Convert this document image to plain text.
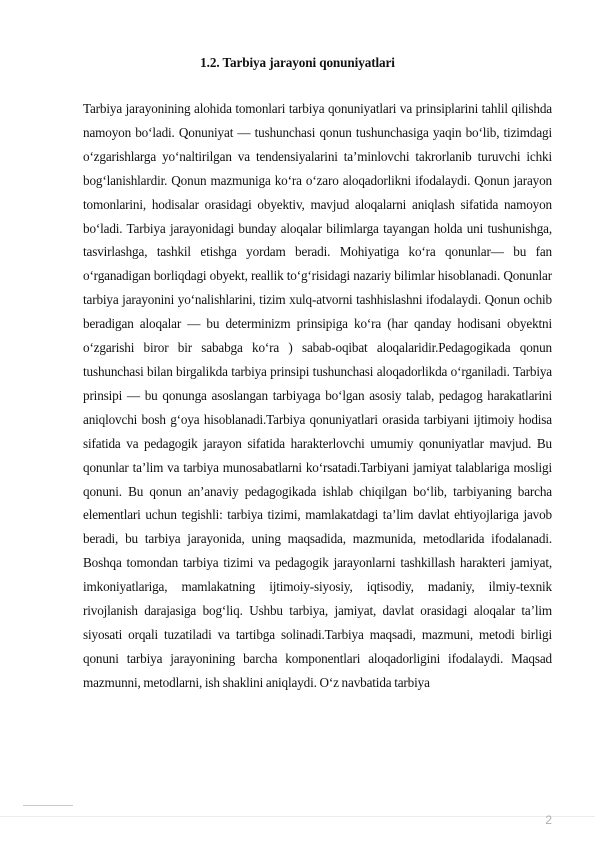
1.2. Tarbiya jarayoni qonuniyatlari

Tarbiya jarayonining alohida tomonlari tarbiya qonuniyatlari va prinsiplarini tahlil qilishda namoyon bo‘ladi. Qonuniyat — tushunchasi qonun tushunchasiga yaqin bo‘lib, tizimdagi o‘zgarishlarga yo‘naltirilgan va tendensiyalarini ta’minlovchi takrorlanib turuvchi ichki bog‘lanishlardir. Qonun mazmuniga ko‘ra o‘zaro aloqadorlikni ifodalaydi. Qonun jarayon tomonlarini, hodisalar orasidagi obyektiv, mavjud aloqalarni aniqlash sifatida namoyon bo‘ladi. Tarbiya jarayonidagi bunday aloqalar bilimlarga tayangan holda uni tushunishga, tasvirlashga, tashkil etishga yordam beradi. Mohiyatiga ko‘ra qonunlar— bu fan o‘rganadigan borliqdagi obyekt, reallik to‘g‘risidagi nazariy bilimlar hisoblanadi. Qonunlar tarbiya jarayonini yo‘nalishlarini, tizim xulq-atvorni tashhislashni ifodalaydi. Qonun ochib beradigan aloqalar — bu determinizm prinsipiga ko‘ra (har qanday hodisani obyektni o‘zgarishi biror bir sababga ko‘ra ) sabab-oqibat aloqalaridir.Pedagogikada qonun tushunchasi bilan birgalikda tarbiya prinsipi tushunchasi aloqadorlikda o‘rganiladi. Tarbiya prinsipi — bu qonunga asoslangan tarbiyaga bo‘lgan asosiy talab, pedagog harakatlarini aniqlovchi bosh g‘oya hisoblanadi.Tarbiya qonuniyatlari orasida tarbiyani ijtimoiy hodisa sifatida va pedagogik jarayon sifatida harakterlovchi umumiy qonuniyatlar mavjud. Bu qonunlar ta’lim va tarbiya munosabatlarni ko‘rsatadi.Tarbiyani jamiyat talablariga mosligi qonuni. Bu qonun an’anaviy pedagogikada ishlab chiqilgan bo‘lib, tarbiyaning barcha elementlari uchun tegishli: tarbiya tizimi, mamlakatdagi ta’lim davlat ehtiyojlariga javob beradi, bu tarbiya jarayonida, uning maqsadida, mazmunida, metodlarida ifodalanadi. Boshqa tomondan tarbiya tizimi va pedagogik jarayonlarni tashkillash harakteri jamiyat, imkoniyatlariga, mamlakatning ijtimoiy-siyosiy, iqtisodiy, madaniy, ilmiy-texnik rivojlanish darajasiga bog‘liq. Ushbu tarbiya, jamiyat, davlat orasidagi aloqalar ta’lim siyosati orqali tuzatiladi va tartibga solinadi.Tarbiya maqsadi, mazmuni, metodi birligi qonuni tarbiya jarayonining barcha komponentlari aloqadorligini ifodalaydi. Maqsad mazmunni, metodlarni, ish shaklini aniqlaydi. O‘z navbatida tarbiya

2
